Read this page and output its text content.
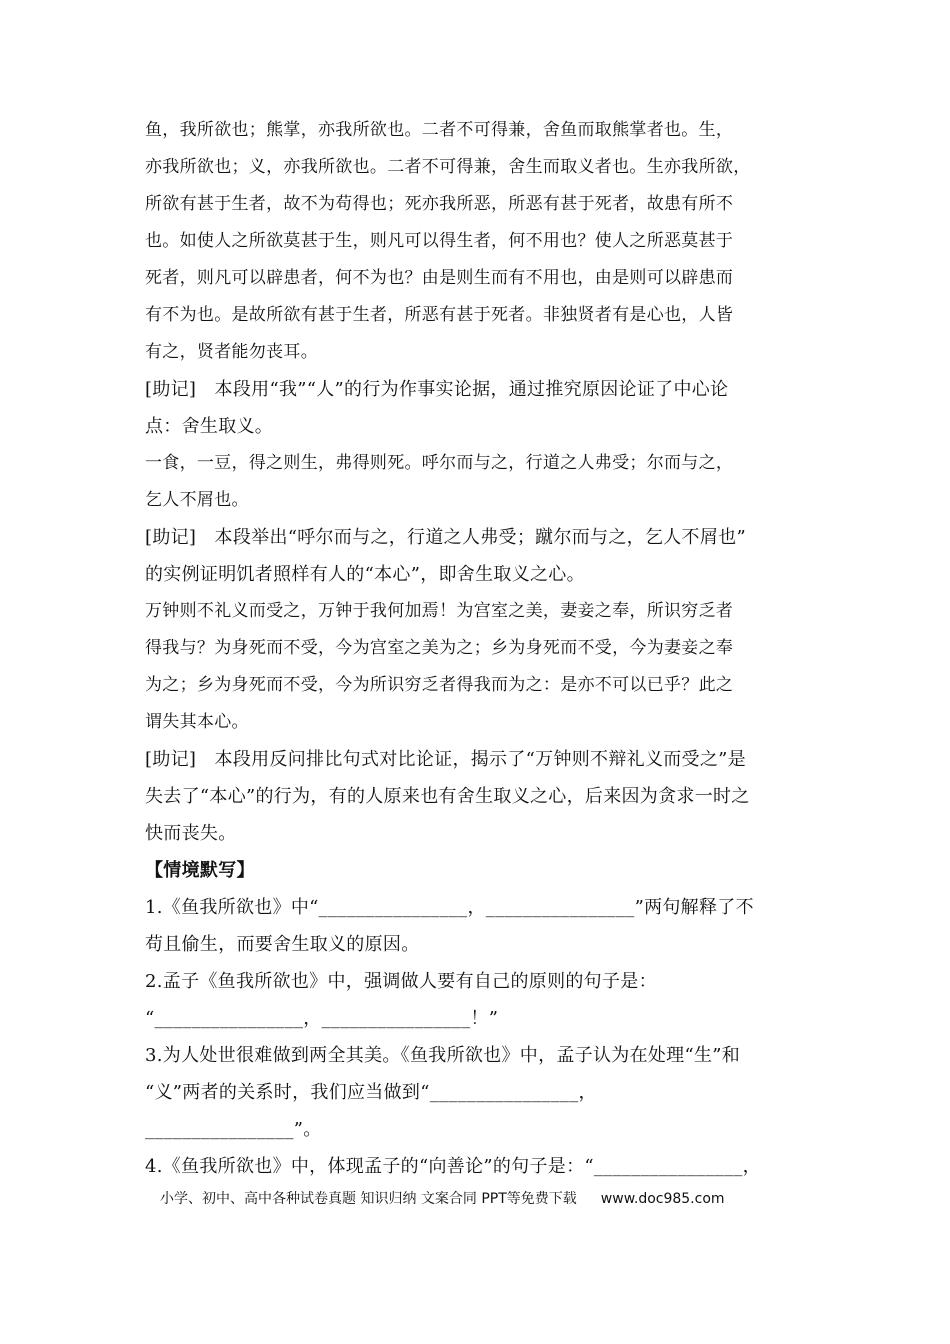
鱼，我所欲也；熊掌，亦我所欲也。二者不可得兼，舍鱼而取熊掌者也。生，
亦我所欲也；义，亦我所欲也。二者不可得兼，舍生而取义者也。生亦我所欲，
所欲有甚于生者，故不为苟得也；死亦我所恶，所恶有甚于死者，故患有所不
也。如使人之所欲莫甚于生，则凡可以得生者，何不用也？使人之所恶莫甚于
死者，则凡可以辟患者，何不为也？由是则生而有不用也，由是则可以辟患而
有不为也。是故所欲有甚于生者，所恶有甚于死者。非独贤者有是心也，人皆
有之，贤者能勿丧耳。
[助记]　本段用“我”“人”的行为作事实论据，通过推究原因论证了中心论
点：舍生取义。
一食，一豆，得之则生，弗得则死。呼尔而与之，行道之人弗受；尔而与之，
乞人不屑也。
[助记]　本段举出“呼尔而与之，行道之人弗受；蹴尔而与之，乞人不屑也”
的实例证明饥者照样有人的“本心”，即舍生取义之心。
万钟则不礼义而受之，万钟于我何加焉！为宫室之美，妻妾之奉，所识穷乏者
得我与？为身死而不受，今为宫室之美为之；乡为身死而不受，今为妻妾之奉
为之；乡为身死而不受，今为所识穷乏者得我而为之：是亦不可以已乎？此之
谓失其本心。
[助记]　本段用反问排比句式对比论证，揭示了“万钟则不辩礼义而受之”是
失去了“本心”的行为，有的人原来也有舍生取义之心，后来因为贪求一时之
快而丧失。
【情境默写】
1.《鱼我所欲也》中“________________，________________”两句解释了不
苟且偷生，而要舍生取义的原因。
2.孟子《鱼我所欲也》中，强调做人要有自己的原则的句子是：
“________________，________________！”
3.为人处世很难做到两全其美。《鱼我所欲也》中，孟子认为在处理“生”和
“义”两者的关系时，我们应当做到“________________，
________________”。
4.《鱼我所欲也》中，体现孟子的“向善论”的句子是：“________________，
小学、初中、高中各种试卷真题 知识归纳 文案合同 PPT等免费下载 www.doc985.com
